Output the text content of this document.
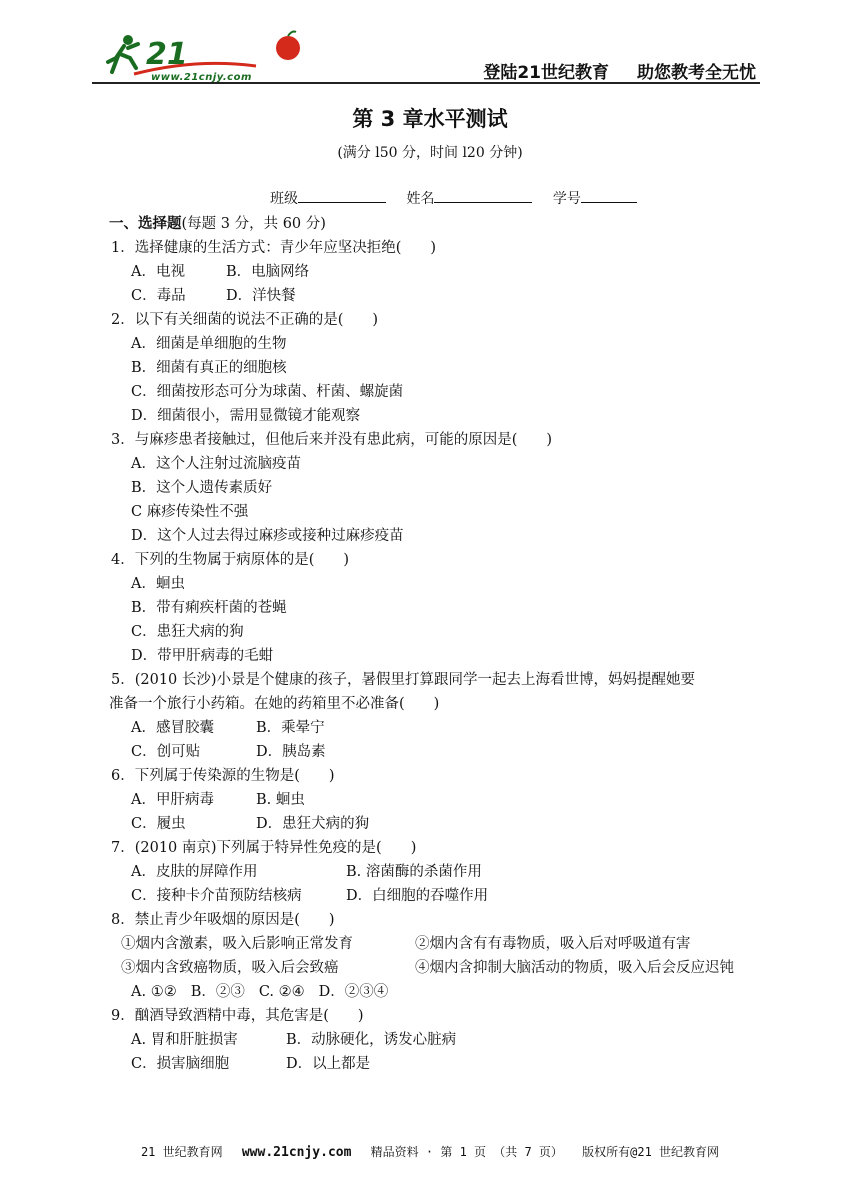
21
www.21cnjy.com	登陆21世纪教育 助您教考全无忧
第 3 章水平测试
(满分 l50 分，时间 l20 分钟)
班级	姓名	学号
一、选择题(每题 3 分，共 60 分)
1．选择健康的生活方式：青少年应坚决拒绝(　　)
A．电视	B．电脑网络
C．毒品	D．洋快餐
2．以下有关细菌的说法不正确的是(　　)
A．细菌是单细胞的生物
B．细菌有真正的细胞核
C．细菌按形态可分为球菌、杆菌、螺旋菌
D．细菌很小，需用显微镜才能观察
3．与麻疹患者接触过，但他后来并没有患此病，可能的原因是(　　)
A．这个人注射过流脑疫苗
B．这个人遗传素质好
C 麻疹传染性不强
D．这个人过去得过麻疹或接种过麻疹疫苗
4．下列的生物属于病原体的是(　　)
A．蛔虫
B．带有痢疾杆菌的苍蝇
C．患狂犬病的狗
D．带甲肝病毒的毛蚶
5．(2010 长沙)小景是个健康的孩子，暑假里打算跟同学一起去上海看世博，妈妈提醒她要
准备一个旅行小药箱。在她的药箱里不必准备(　　)
A．感冒胶囊	B．乘晕宁
C．创可贴	D．胰岛素
6．下列属于传染源的生物是(　　)
A．甲肝病毒	B. 蛔虫
C．履虫	D．患狂犬病的狗
7．(2010 南京)下列属于特异性免疫的是(　　)
A．皮肤的屏障作用	B. 溶菌酶的杀菌作用
C．接种卡介苗预防结核病	D．白细胞的吞噬作用
8．禁止青少年吸烟的原因是(　　)
①烟内含激素，吸入后影响正常发育	②烟内含有有毒物质，吸入后对呼吸道有害
③烟内含致癌物质，吸入后会致癌	④烟内含抑制大脑活动的物质，吸入后会反应迟钝
A. ①② B．②③ C. ②④ D．②③④
9．酗酒导致酒精中毒，其危害是(　　)
A. 胃和肝脏损害	B．动脉硬化，诱发心脏病
C．损害脑细胞	D．以上都是
21 世纪教育网 www.21cnjy.com 精品资料 · 第 1 页 （共 7 页） 版权所有@21 世纪教育网
